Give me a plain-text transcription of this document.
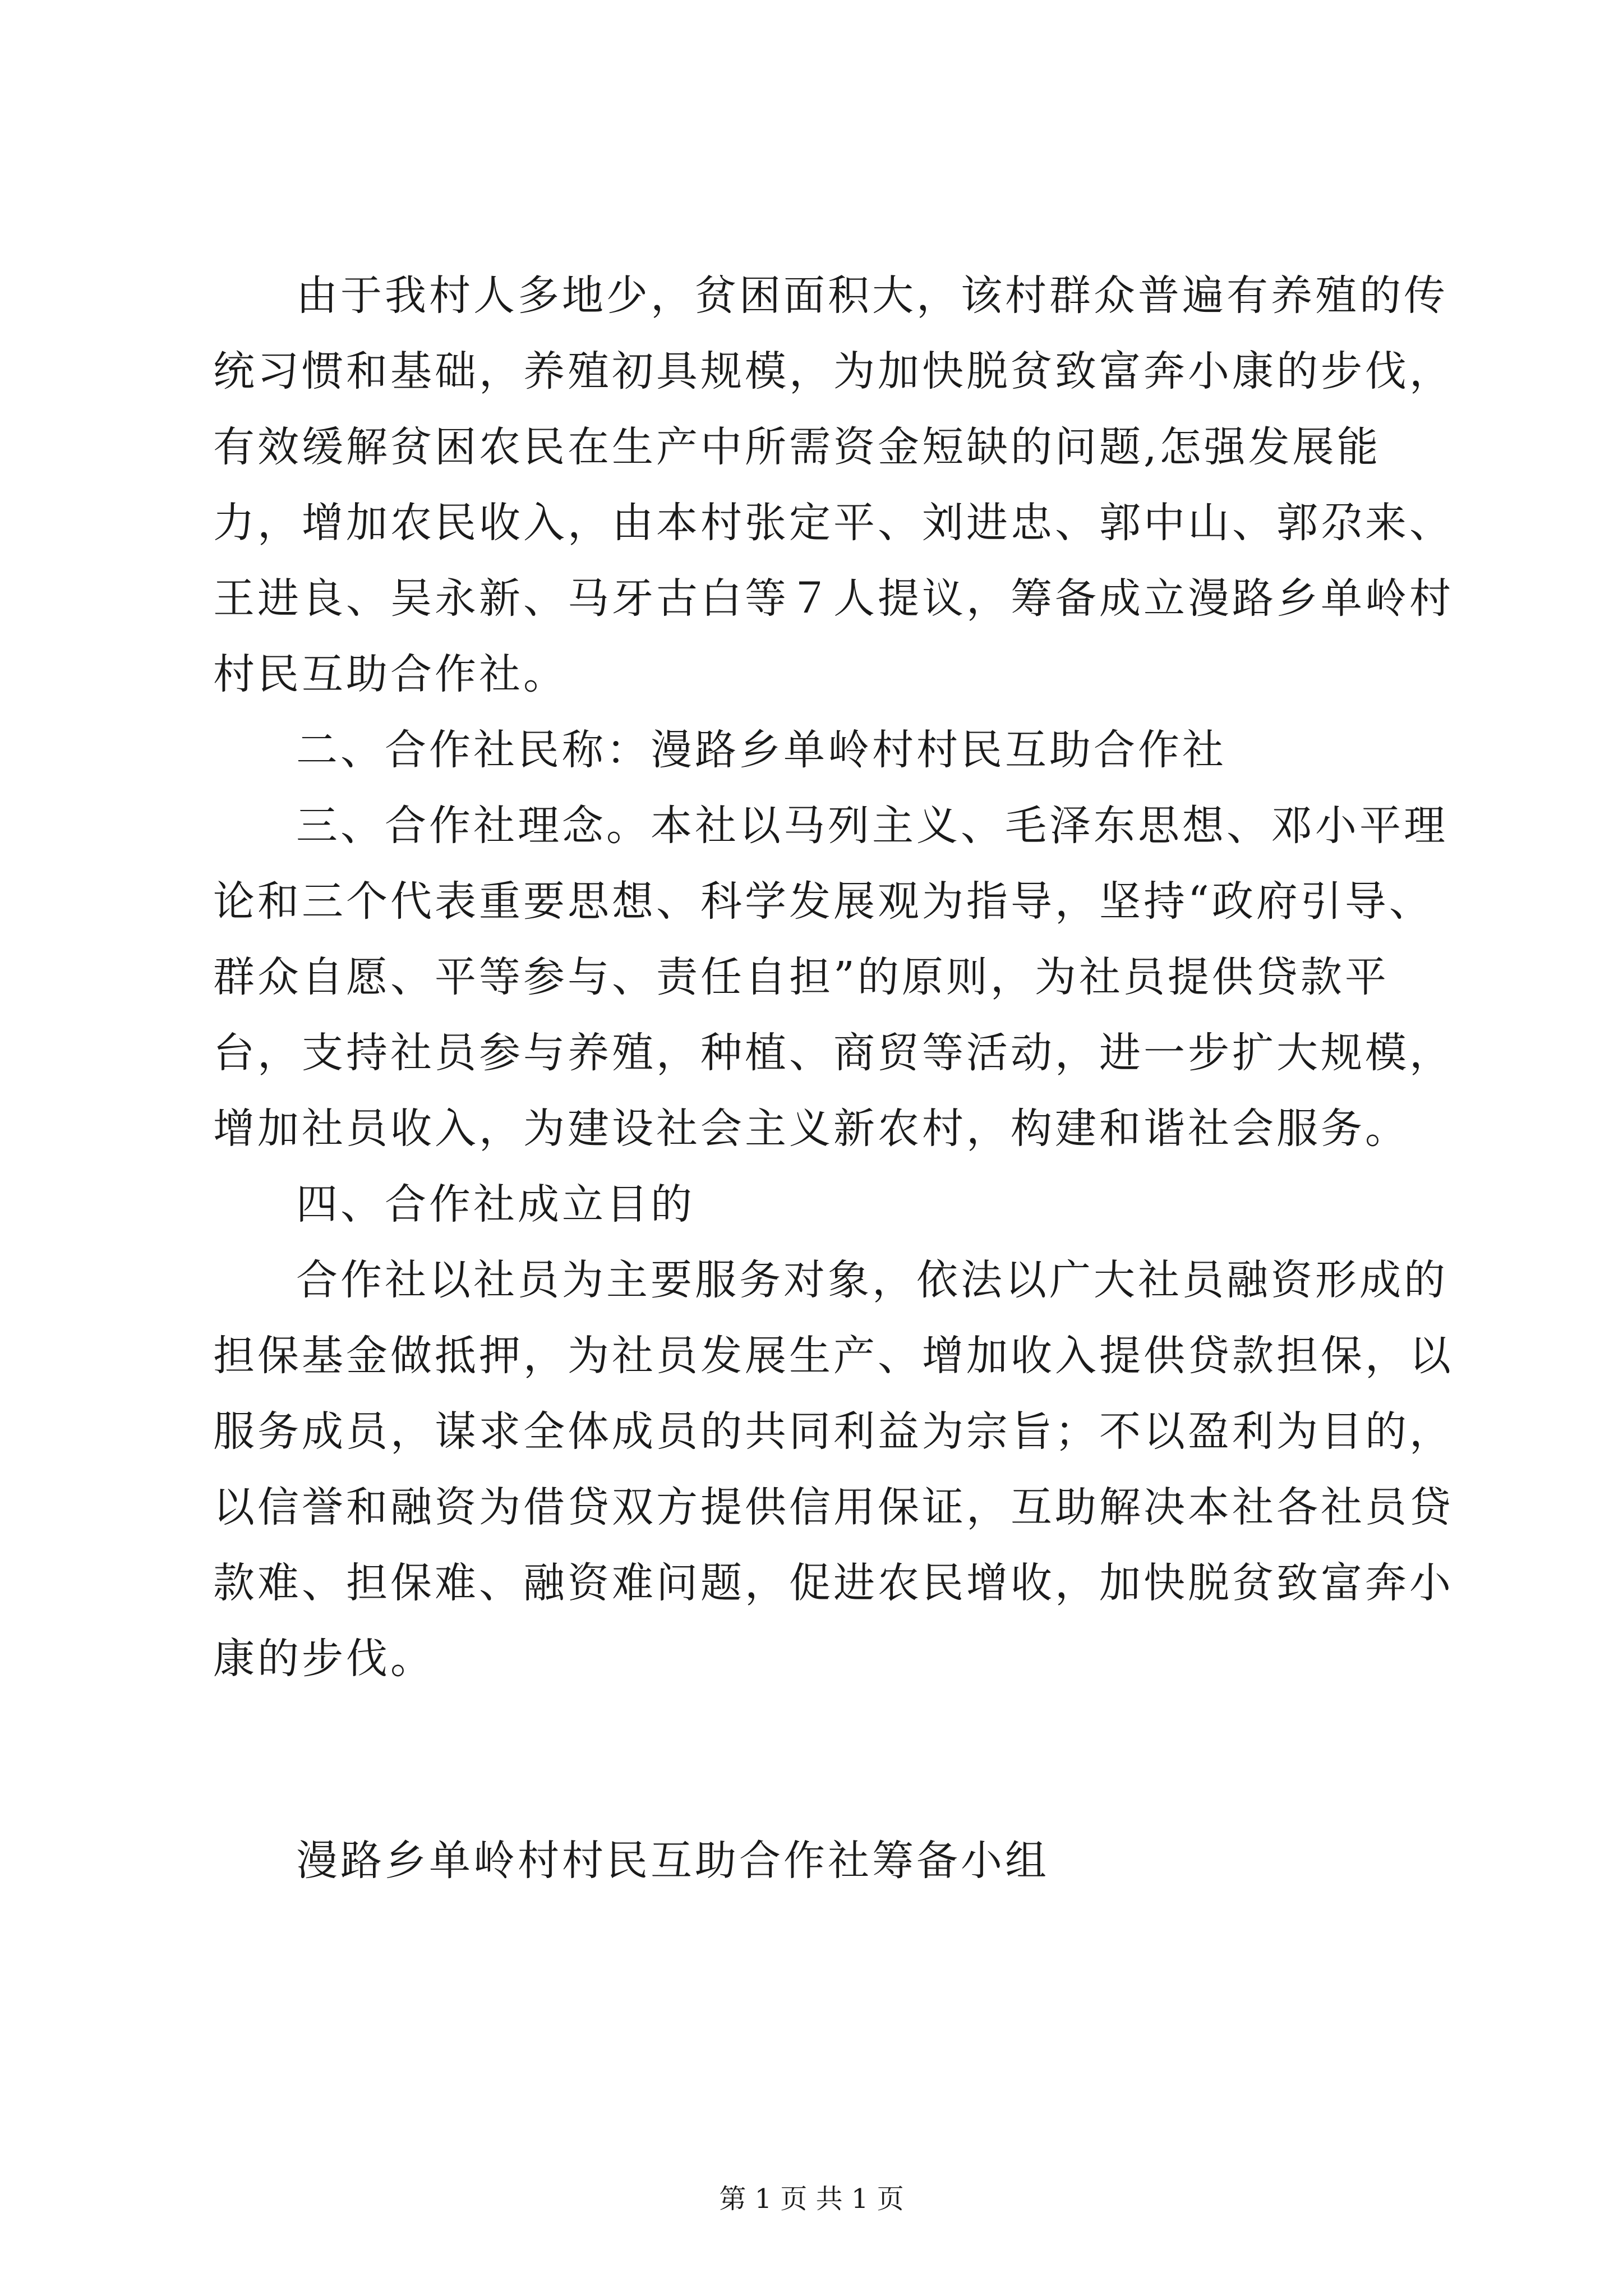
由于我村人多地少，贫困面积大，该村群众普遍有养殖的传统习惯和基础，养殖初具规模，为加快脱贫致富奔小康的步伐，有效缓解贫困农民在生产中所需资金短缺的问题,怎强发展能力，增加农民收入，由本村张定平、刘进忠、郭中山、郭尕来、王进良、吴永新、马牙古白等７人提议，筹备成立漫路乡单岭村村民互助合作社。

二、合作社民称：漫路乡单岭村村民互助合作社

三、合作社理念。本社以马列主义、毛泽东思想、邓小平理论和三个代表重要思想、科学发展观为指导，坚持“政府引导、群众自愿、平等参与、责任自担”的原则，为社员提供贷款平台，支持社员参与养殖，种植、商贸等活动，进一步扩大规模，增加社员收入，为建设社会主义新农村，构建和谐社会服务。

四、合作社成立目的

合作社以社员为主要服务对象，依法以广大社员融资形成的担保基金做抵押，为社员发展生产、增加收入提供贷款担保，以服务成员，谋求全体成员的共同利益为宗旨；不以盈利为目的，以信誉和融资为借贷双方提供信用保证，互助解决本社各社员贷款难、担保难、融资难问题，促进农民增收，加快脱贫致富奔小康的步伐。

漫路乡单岭村村民互助合作社筹备小组

第 1 页 共 1 页
